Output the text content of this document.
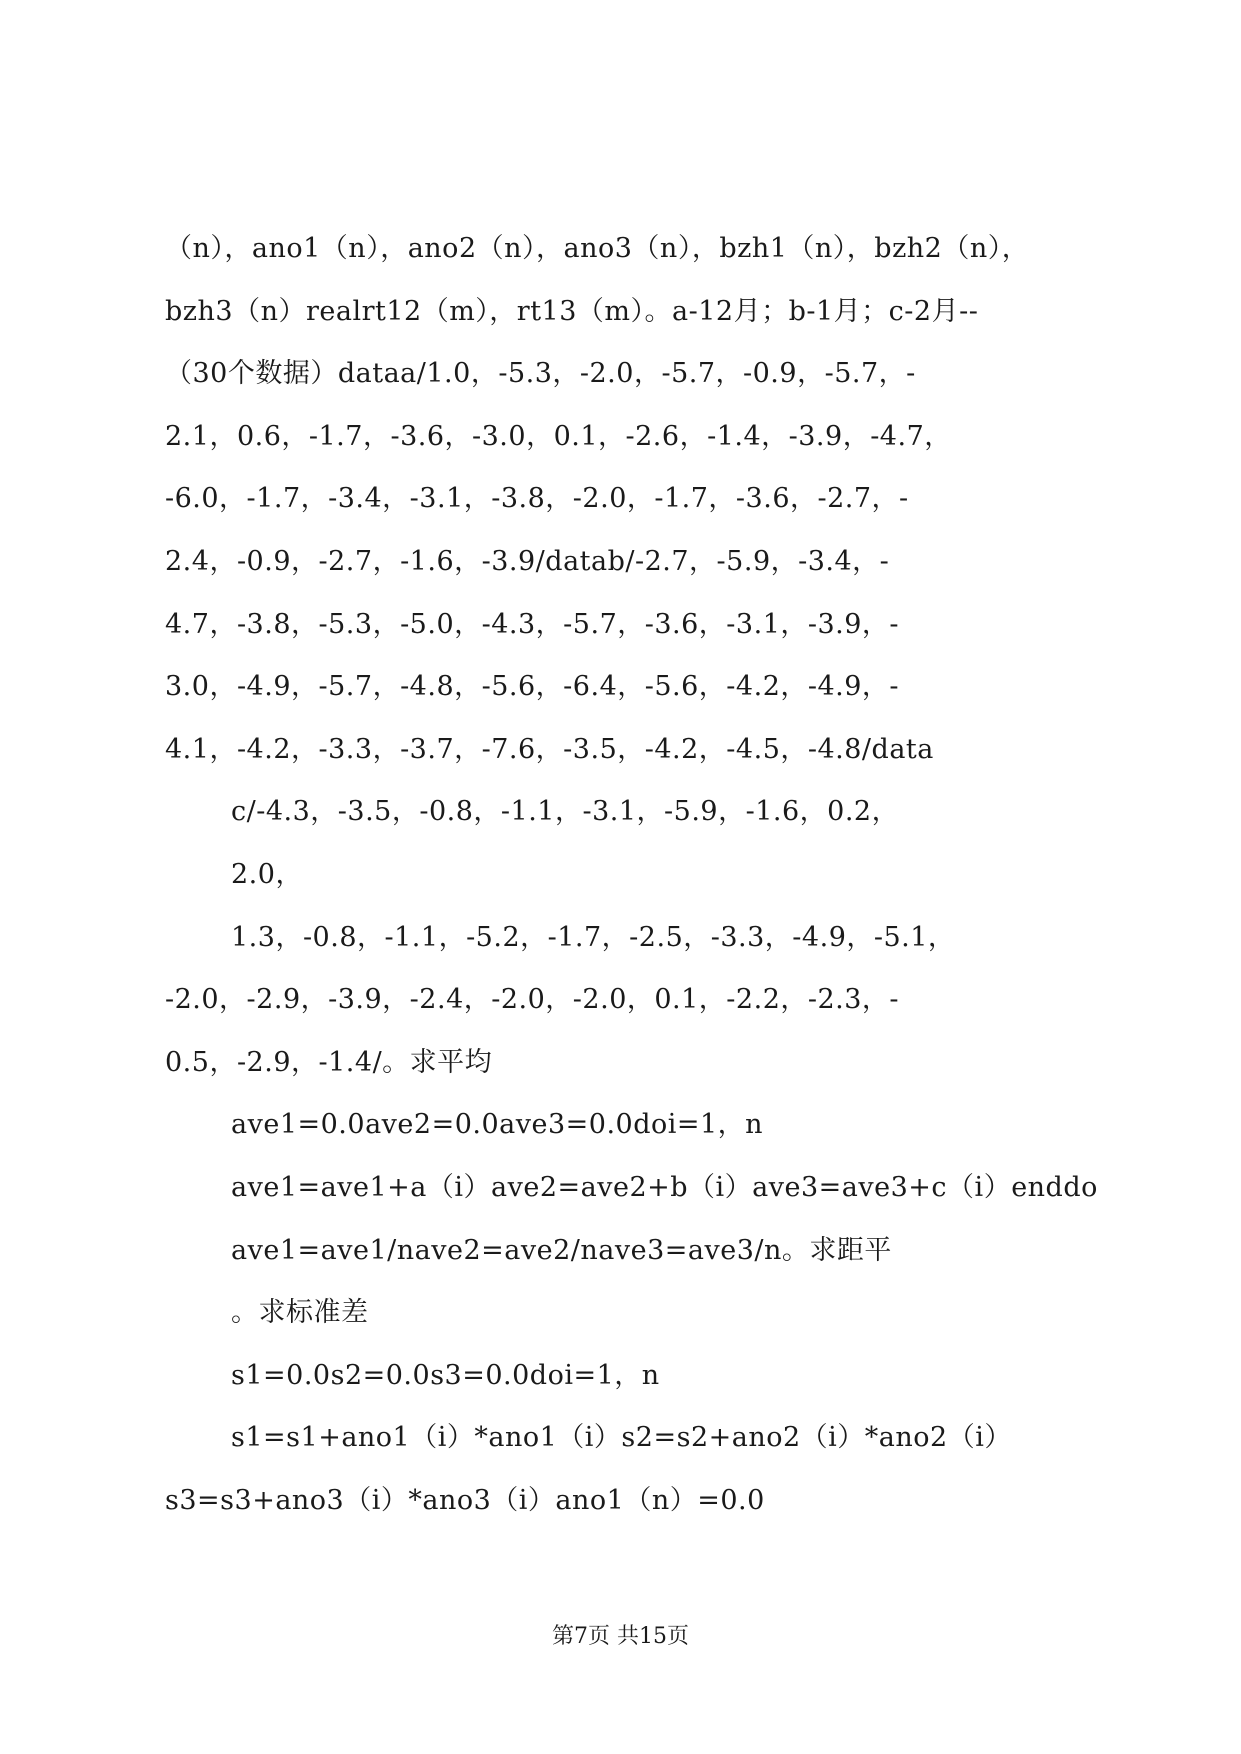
（n），ano1（n），ano2（n），ano3（n），bzh1（n），bzh2（n），
bzh3（n）realrt12（m），rt13（m）。a-12月；b-1月；c-2月--
（30个数据）dataa/1.0，-5.3，-2.0，-5.7，-0.9，-5.7，-
2.1，0.6，-1.7，-3.6，-3.0，0.1，-2.6，-1.4，-3.9，-4.7，
-6.0，-1.7，-3.4，-3.1，-3.8，-2.0，-1.7，-3.6，-2.7，-
2.4，-0.9，-2.7，-1.6，-3.9/datab/-2.7，-5.9，-3.4，-
4.7，-3.8，-5.3，-5.0，-4.3，-5.7，-3.6，-3.1，-3.9，-
3.0，-4.9，-5.7，-4.8，-5.6，-6.4，-5.6，-4.2，-4.9，-
4.1，-4.2，-3.3，-3.7，-7.6，-3.5，-4.2，-4.5，-4.8/data
c/-4.3，-3.5，-0.8，-1.1，-3.1，-5.9，-1.6，0.2，
2.0，
1.3，-0.8，-1.1，-5.2，-1.7，-2.5，-3.3，-4.9，-5.1，
-2.0，-2.9，-3.9，-2.4，-2.0，-2.0，0.1，-2.2，-2.3，-
0.5，-2.9，-1.4/。求平均
ave1=0.0ave2=0.0ave3=0.0doi=1，n
ave1=ave1+a（i）ave2=ave2+b（i）ave3=ave3+c（i）enddo
ave1=ave1/nave2=ave2/nave3=ave3/n。求距平
。求标准差
s1=0.0s2=0.0s3=0.0doi=1，n
s1=s1+ano1（i）*ano1（i）s2=s2+ano2（i）*ano2（i）
s3=s3+ano3（i）*ano3（i）ano1（n）=0.0
第7页 共15页
